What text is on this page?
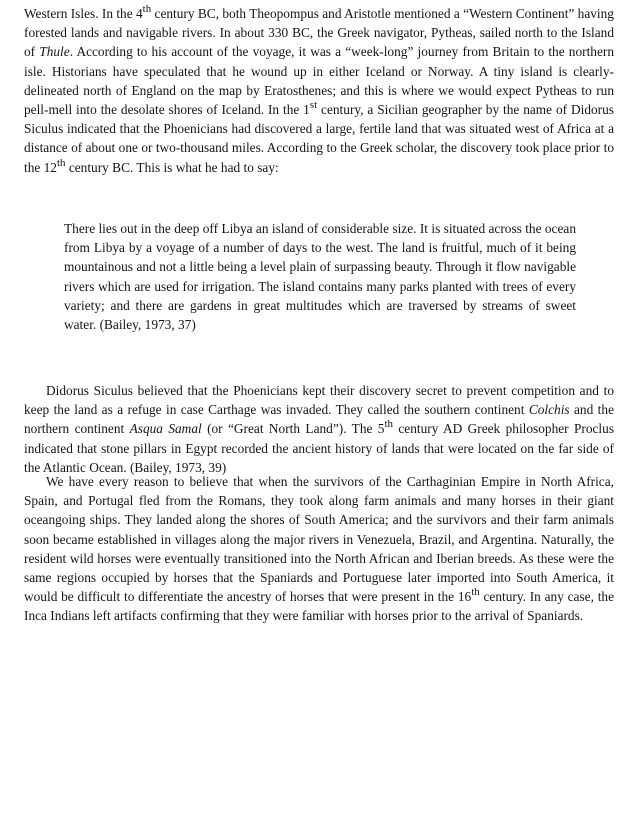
Western Isles. In the 4th century BC, both Theopompus and Aristotle mentioned a “Western Continent” having forested lands and navigable rivers. In about 330 BC, the Greek navigator, Pytheas, sailed north to the Island of Thule. According to his account of the voyage, it was a “week-long” journey from Britain to the northern isle. Historians have speculated that he wound up in either Iceland or Norway. A tiny island is clearly-delineated north of England on the map by Eratosthenes; and this is where we would expect Pytheas to run pell-mell into the desolate shores of Iceland. In the 1st century, a Sicilian geographer by the name of Didorus Siculus indicated that the Phoenicians had discovered a large, fertile land that was situated west of Africa at a distance of about one or two-thousand miles. According to the Greek scholar, the discovery took place prior to the 12th century BC. This is what he had to say:

There lies out in the deep off Libya an island of considerable size. It is situated across the ocean from Libya by a voyage of a number of days to the west. The land is fruitful, much of it being mountainous and not a little being a level plain of surpassing beauty. Through it flow navigable rivers which are used for irrigation. The island contains many parks planted with trees of every variety; and there are gardens in great multitudes which are traversed by streams of sweet water. (Bailey, 1973, 37)

Didorus Siculus believed that the Phoenicians kept their discovery secret to prevent competition and to keep the land as a refuge in case Carthage was invaded. They called the southern continent Colchis and the northern continent Asqua Samal (or “Great North Land”). The 5th century AD Greek philosopher Proclus indicated that stone pillars in Egypt recorded the ancient history of lands that were located on the far side of the Atlantic Ocean. (Bailey, 1973, 39)

We have every reason to believe that when the survivors of the Carthaginian Empire in North Africa, Spain, and Portugal fled from the Romans, they took along farm animals and many horses in their giant oceangoing ships. They landed along the shores of South America; and the survivors and their farm animals soon became established in villages along the major rivers in Venezuela, Brazil, and Argentina. Naturally, the resident wild horses were eventually transitioned into the North African and Iberian breeds. As these were the same regions occupied by horses that the Spaniards and Portuguese later imported into South America, it would be difficult to differentiate the ancestry of horses that were present in the 16th century. In any case, the Inca Indians left artifacts confirming that they were familiar with horses prior to the arrival of Spaniards.
